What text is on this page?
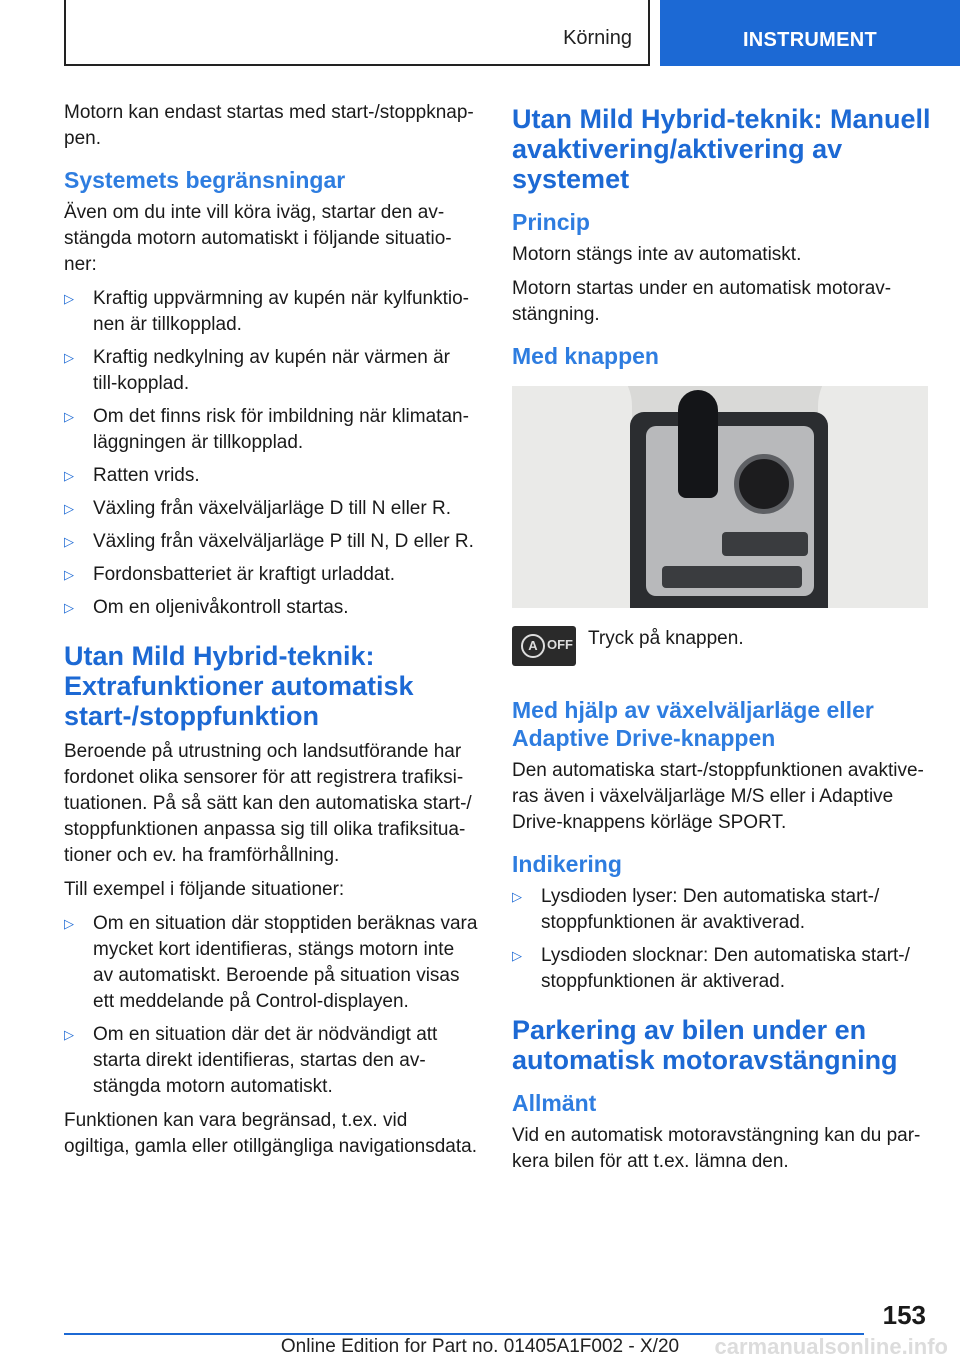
Körning	INSTRUMENT

Motorn kan endast startas med start-/stoppknap-pen.

Systemets begränsningar

Även om du inte vill köra iväg, startar den av-stängda motorn automatiskt i följande situatio-ner:

▷	Kraftig uppvärmning av kupén när kylfunktio-nen är tillkopplad.
▷	Kraftig nedkylning av kupén när värmen är till-kopplad.
▷	Om det finns risk för imbildning när klimatan-läggningen är tillkopplad.
▷	Ratten vrids.
▷	Växling från växelväljarläge D till N eller R.
▷	Växling från växelväljarläge P till N, D eller R.
▷	Fordonsbatteriet är kraftigt urladdat.
▷	Om en oljenivåkontroll startas.
Utan Mild Hybrid-teknik: Extrafunktioner automatisk start-/stoppfunktion

Beroende på utrustning och landsutförande har fordonet olika sensorer för att registrera trafiksi-tuationen. På så sätt kan den automatiska start-/ stoppfunktionen anpassa sig till olika trafiksitua-tioner och ev. ha framförhållning.

Till exempel i följande situationer:

▷	Om en situation där stopptiden beräknas vara mycket kort identifieras, stängs motorn inte av automatiskt. Beroende på situation visas ett meddelande på Control-displayen.
▷	Om en situation där det är nödvändigt att starta direkt identifieras, startas den av-stängda motorn automatiskt.

Funktionen kan vara begränsad, t.ex. vid ogiltiga, gamla eller otillgängliga navigationsdata.

Utan Mild Hybrid-teknik: Manuell avaktivering/aktivering av systemet
Princip

Motorn stängs inte av automatiskt.

Motorn startas under en automatisk motorav-stängning.

Med knappen
A OFF Tryck på knappen.
Med hjälp av växelväljarläge eller Adaptive Drive-knappen

Den automatiska start-/stoppfunktionen avaktive-ras även i växelväljarläge M/S eller i Adaptive Drive-knappens körläge SPORT.

Indikering
▷	Lysdioden lyser: Den automatiska start-/ stoppfunktionen är avaktiverad.
▷	Lysdioden slocknar: Den automatiska start-/ stoppfunktionen är aktiverad.
Parkering av bilen under en automatisk motoravstängning
Allmänt

Vid en automatisk motoravstängning kan du par-kera bilen för att t.ex. lämna den.

153
Online Edition for Part no. 01405A1F002 - X/20	carmanualsonline.info
